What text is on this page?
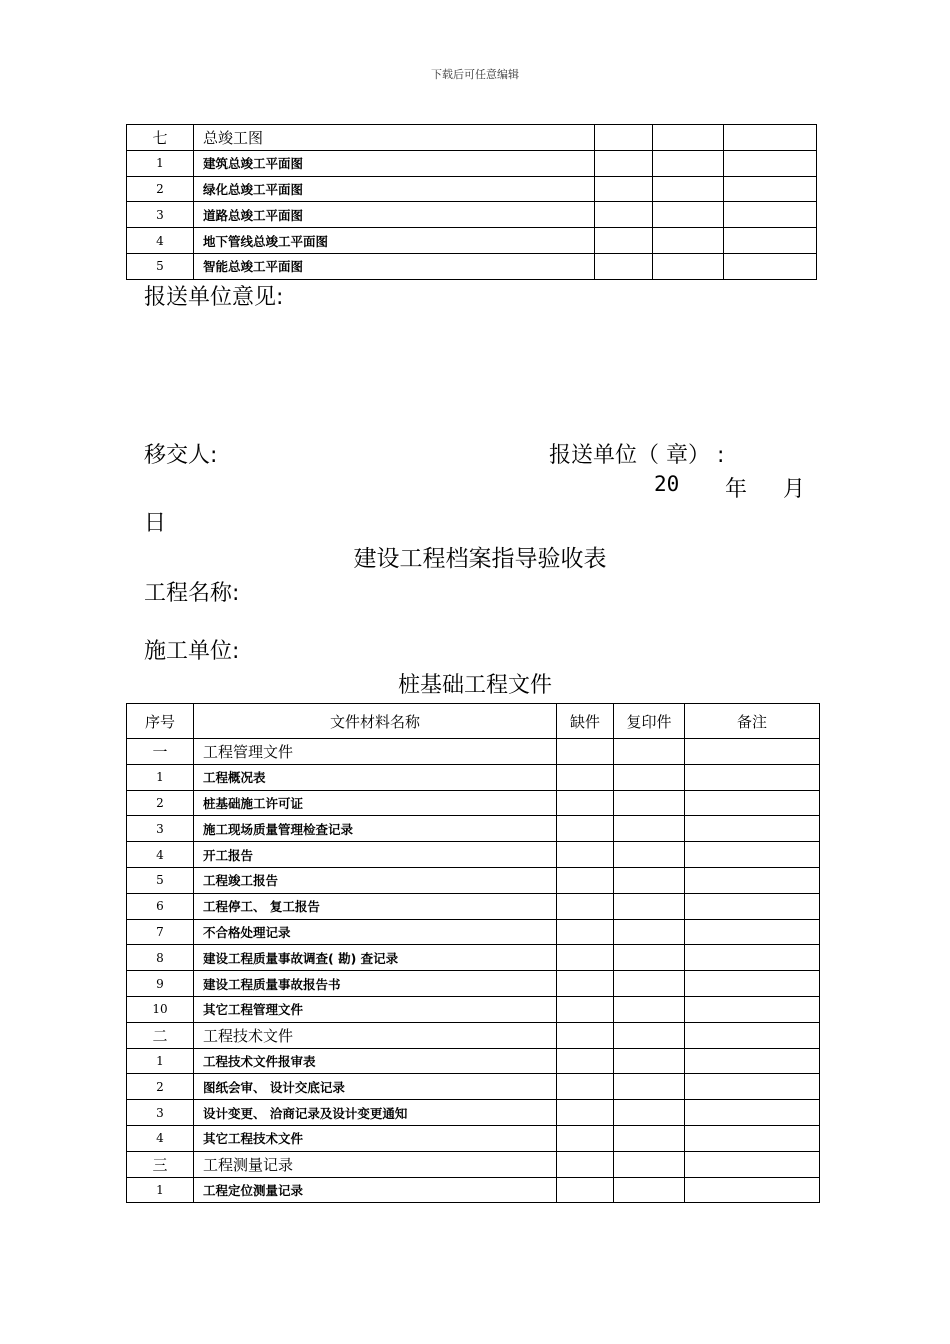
下载后可任意编辑
七	总竣工图			
1	建筑总竣工平面图			
2	绿化总竣工平面图			
3	道路总竣工平面图			
4	地下管线总竣工平面图			
5	智能总竣工平面图			
报送单位意见:
移交人:	报送单位（ 章） :
20 年 月
日
建设工程档案指导验收表
工程名称:
施工单位:
桩基础工程文件
序号	文件材料名称	缺件	复印件	备注
一	工程管理文件			
1	工程概况表			
2	桩基础施工许可证			
3	施工现场质量管理检查记录			
4	开工报告			
5	工程竣工报告			
6	工程停工、 复工报告			
7	不合格处理记录			
8	建设工程质量事故调查( 勘) 查记录			
9	建设工程质量事故报告书			
10	其它工程管理文件			
二	工程技术文件			
1	工程技术文件报审表			
2	图纸会审、 设计交底记录			
3	设计变更、 洽商记录及设计变更通知			
4	其它工程技术文件			
三	工程测量记录			
1	工程定位测量记录			
